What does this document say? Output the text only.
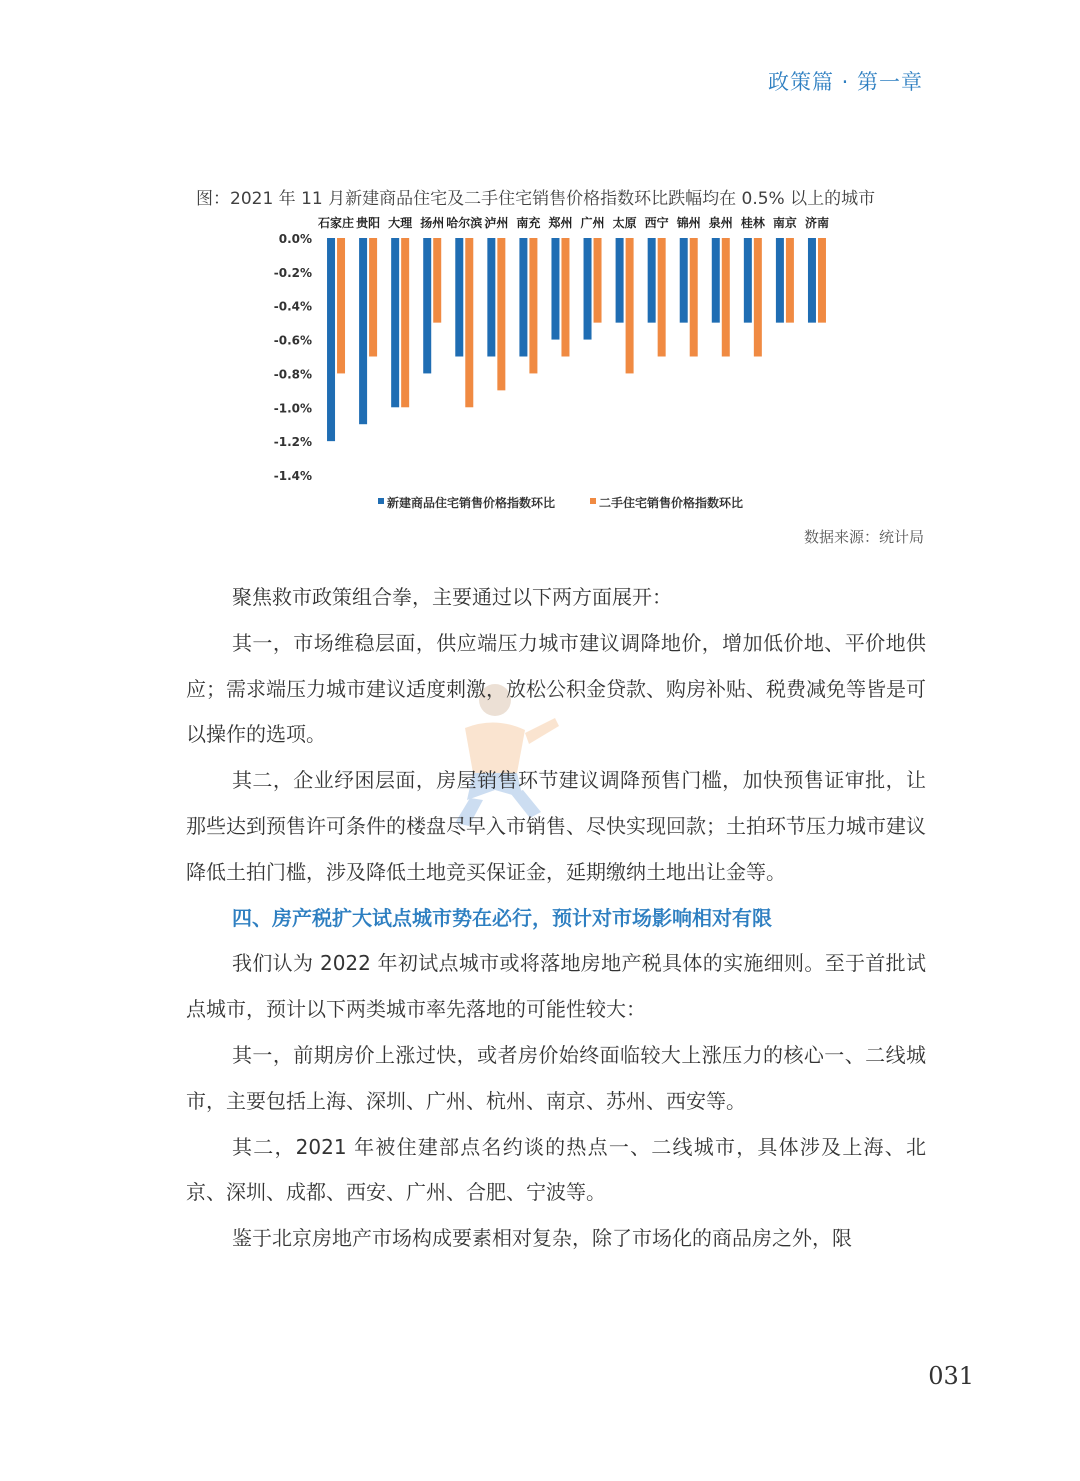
政策篇 · 第一章
图：2021 年 11 月新建商品住宅及二手住宅销售价格指数环比跌幅均在 0.5% 以上的城市
0.0%
-0.2%
-0.4%
-0.6%
-0.8%
-1.0%
-1.2%
-1.4%
石家庄 贵阳 大理 扬州 哈尔滨 泸州 南充 郑州 广州 太原 西宁 锦州 泉州 桂林 南京 济南
新建商品住宅销售价格指数环比	二手住宅销售价格指数环比
数据来源：统计局

聚焦救市政策组合拳，主要通过以下两方面展开：

其一，市场维稳层面，供应端压力城市建议调降地价，增加低价地、平价地供应；需求端压力城市建议适度刺激，放松公积金贷款、购房补贴、税费减免等皆是可以操作的选项。

其二，企业纾困层面，房屋销售环节建议调降预售门槛，加快预售证审批，让那些达到预售许可条件的楼盘尽早入市销售、尽快实现回款；土拍环节压力城市建议降低土拍门槛，涉及降低土地竞买保证金，延期缴纳土地出让金等。

四、房产税扩大试点城市势在必行，预计对市场影响相对有限

我们认为 2022 年初试点城市或将落地房地产税具体的实施细则。至于首批试点城市，预计以下两类城市率先落地的可能性较大：

其一，前期房价上涨过快，或者房价始终面临较大上涨压力的核心一、二线城市，主要包括上海、深圳、广州、杭州、南京、苏州、西安等。

其二，2021 年被住建部点名约谈的热点一、二线城市，具体涉及上海、北京、深圳、成都、西安、广州、合肥、宁波等。

鉴于北京房地产市场构成要素相对复杂，除了市场化的商品房之外，限

031
